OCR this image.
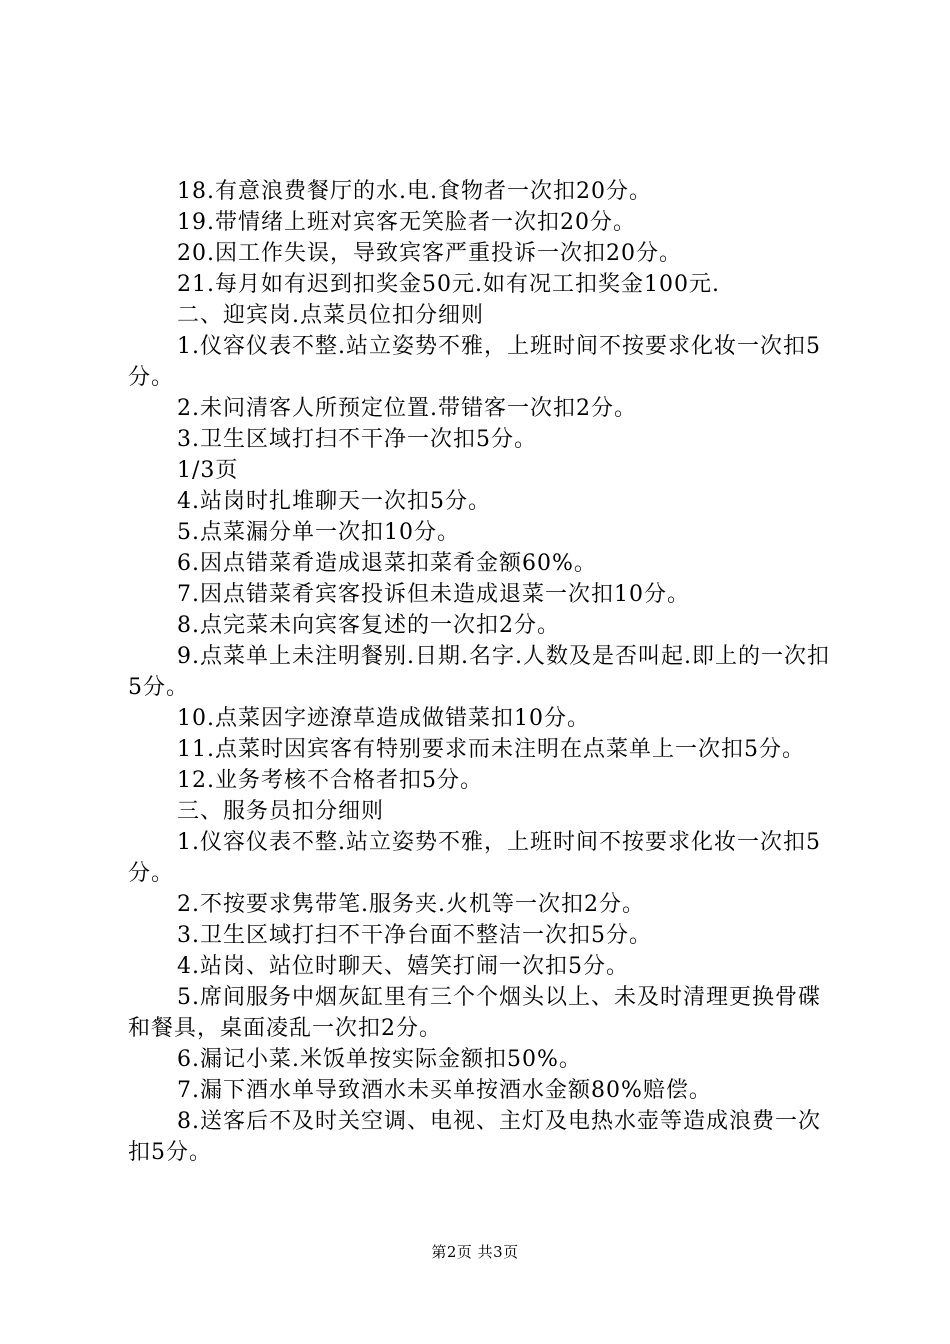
18.有意浪费餐厅的水.电.食物者一次扣20分。

19.带情绪上班对宾客无笑脸者一次扣20分。

20.因工作失误，导致宾客严重投诉一次扣20分。

21.每月如有迟到扣奖金50元.如有况工扣奖金100元.

二、迎宾岗.点菜员位扣分细则

1.仪容仪表不整.站立姿势不雅，上班时间不按要求化妆一次扣5分。

2.未问清客人所预定位置.带错客一次扣2分。

3.卫生区域打扫不干净一次扣5分。

1/3页

4.站岗时扎堆聊天一次扣5分。

5.点菜漏分单一次扣10分。

6.因点错菜肴造成退菜扣菜肴金额60%。

7.因点错菜肴宾客投诉但未造成退菜一次扣10分。

8.点完菜未向宾客复述的一次扣2分。

9.点菜单上未注明餐别.日期.名字.人数及是否叫起.即上的一次扣5分。

10.点菜因字迹潦草造成做错菜扣10分。

11.点菜时因宾客有特别要求而未注明在点菜单上一次扣5分。

12.业务考核不合格者扣5分。

三、服务员扣分细则

1.仪容仪表不整.站立姿势不雅，上班时间不按要求化妆一次扣5分。

2.不按要求隽带笔.服务夹.火机等一次扣2分。

3.卫生区域打扫不干净台面不整洁一次扣5分。

4.站岗、站位时聊天、嬉笑打闹一次扣5分。

5.席间服务中烟灰缸里有三个个烟头以上、未及时清理更换骨碟和餐具，桌面凌乱一次扣2分。

6.漏记小菜.米饭单按实际金额扣50%。

7.漏下酒水单导致酒水未买单按酒水金额80%赔偿。

8.送客后不及时关空调、电视、主灯及电热水壶等造成浪费一次扣5分。

第2页 共3页
